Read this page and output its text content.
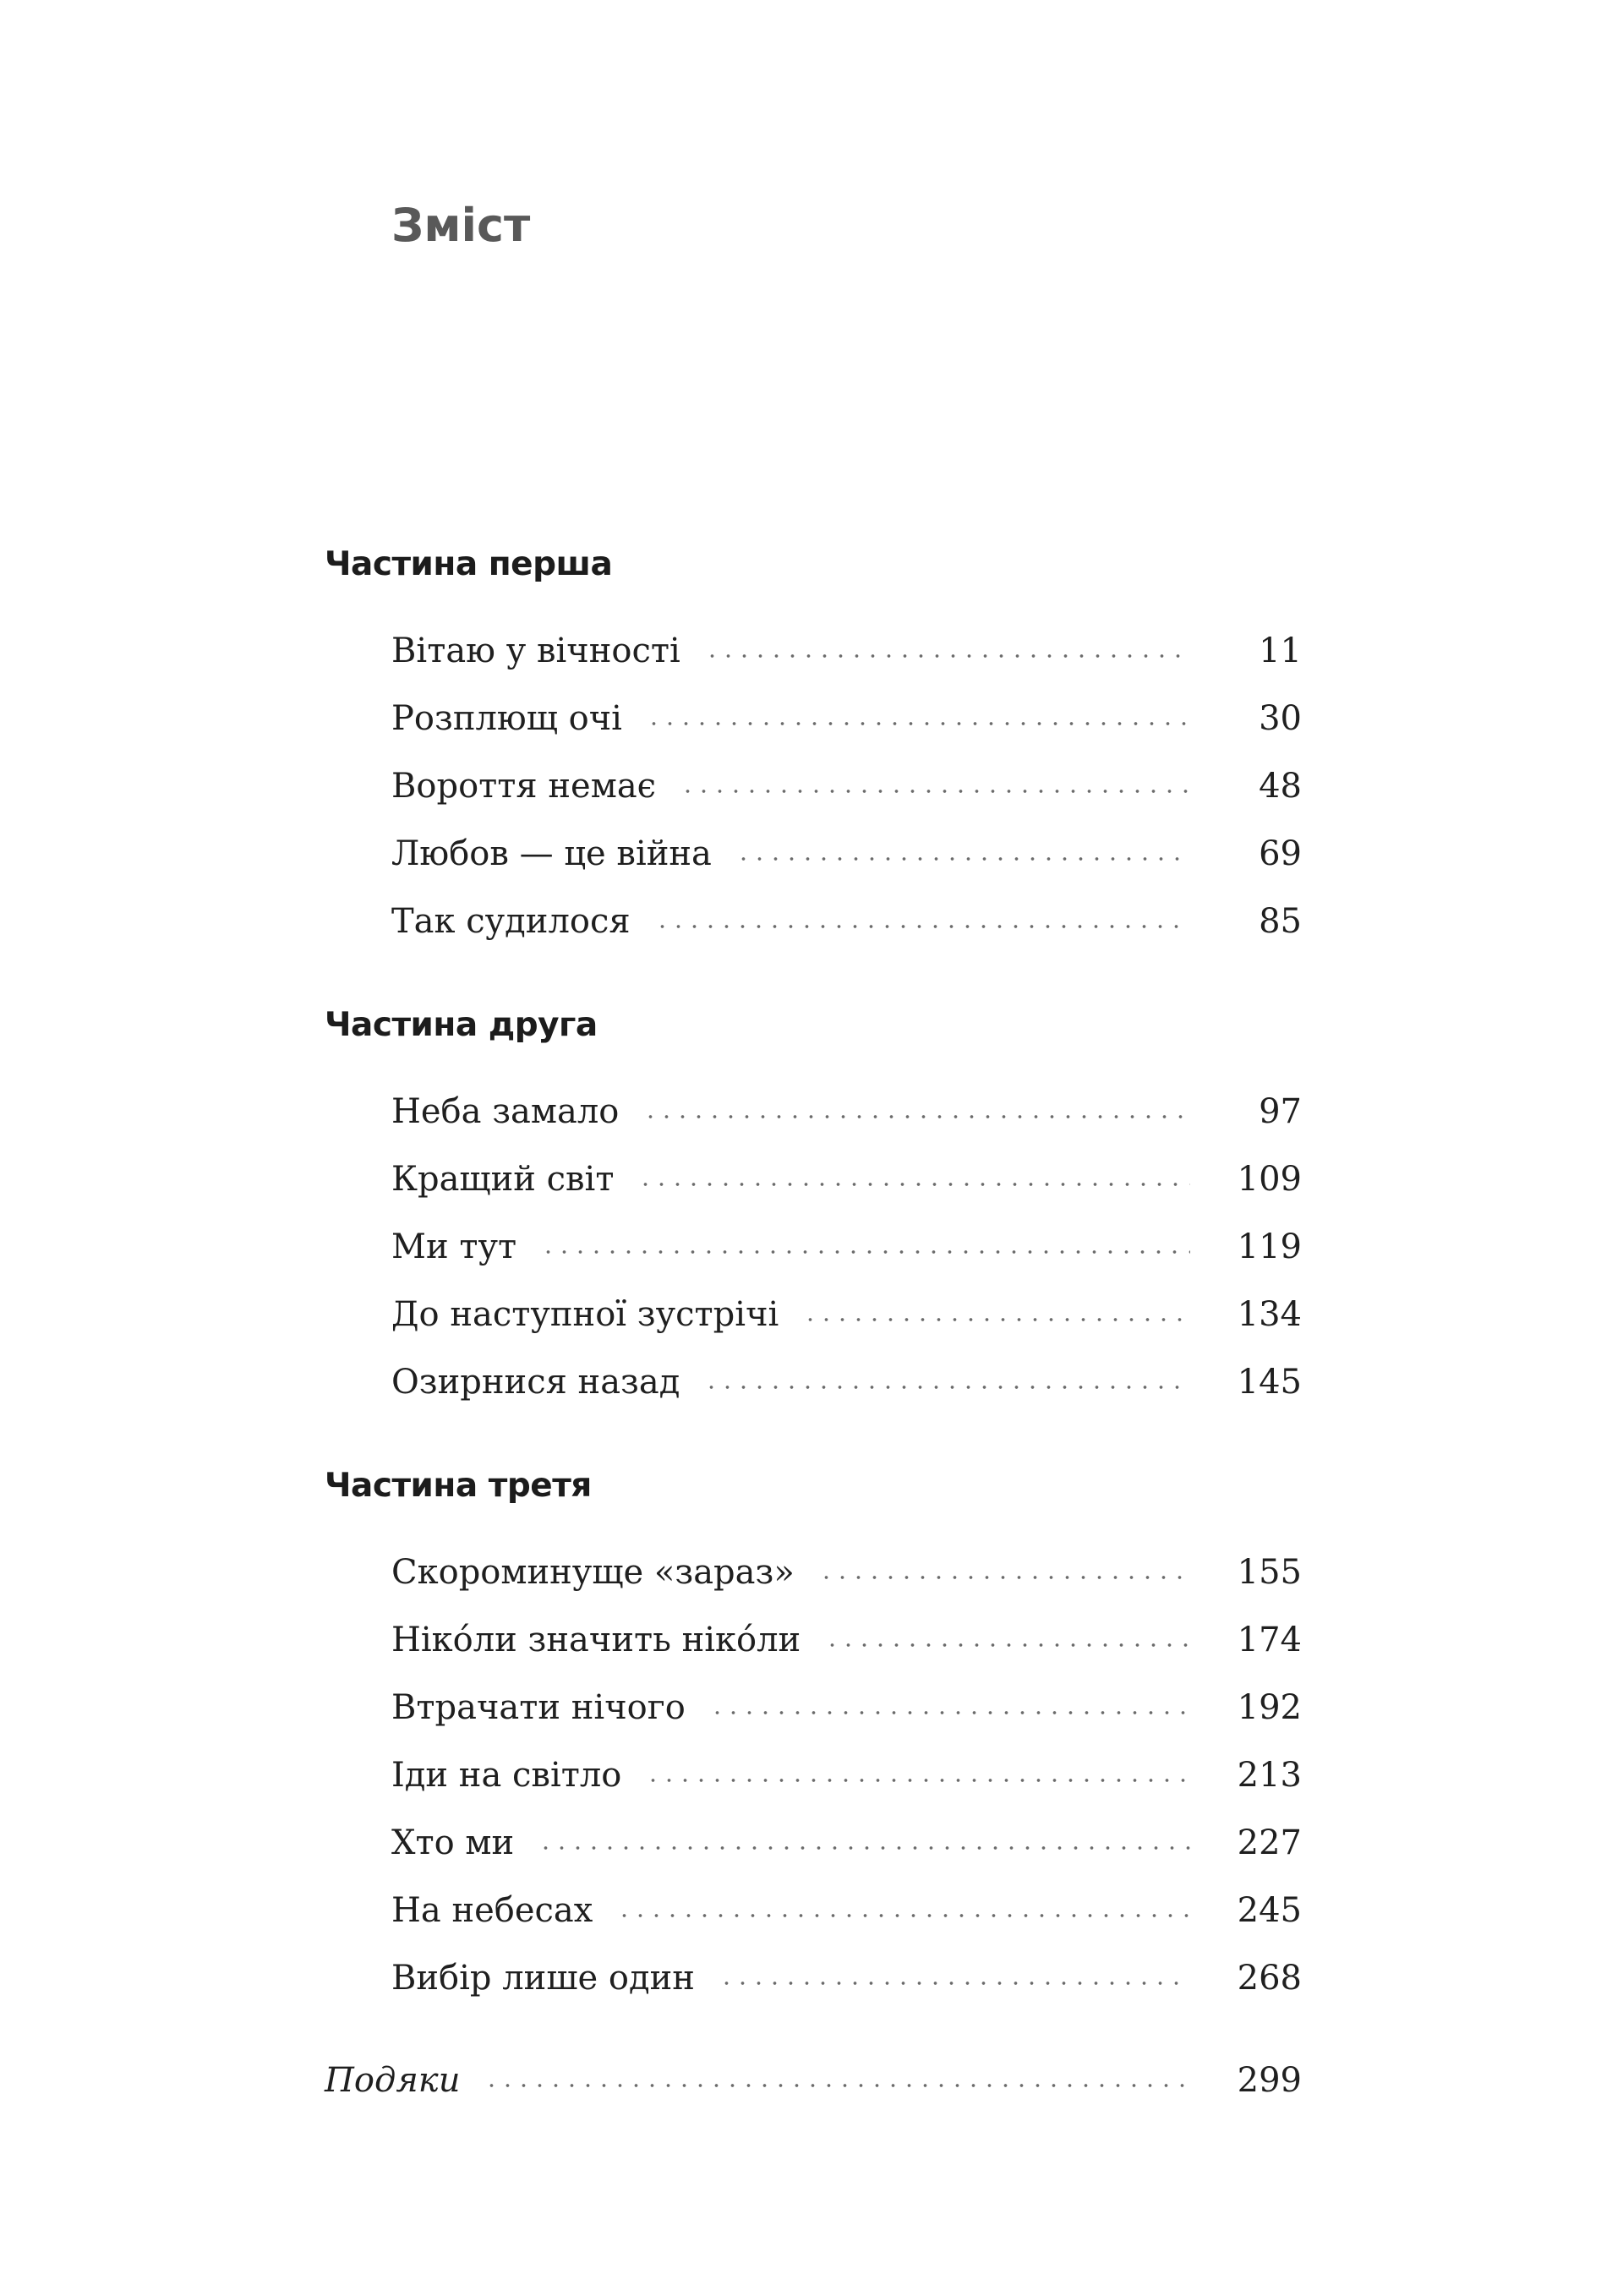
Зміст
Частина перша
Вітаю у вічності	11
Розплющ очі	30
Вороття немає	48
Любов — це війна	69
Так судилося	85
Частина друга
Неба замало	97
Кращий світ	109
Ми тут	119
До наступної зустрічі	134
Озирнися назад	145
Частина третя
Скороминуще «зараз»	155
Ніко́ли значить ніко́ли	174
Втрачати нічого	192
Іди на світло	213
Хто ми	227
На небесах	245
Вибір лише один	268
Подяки	299
